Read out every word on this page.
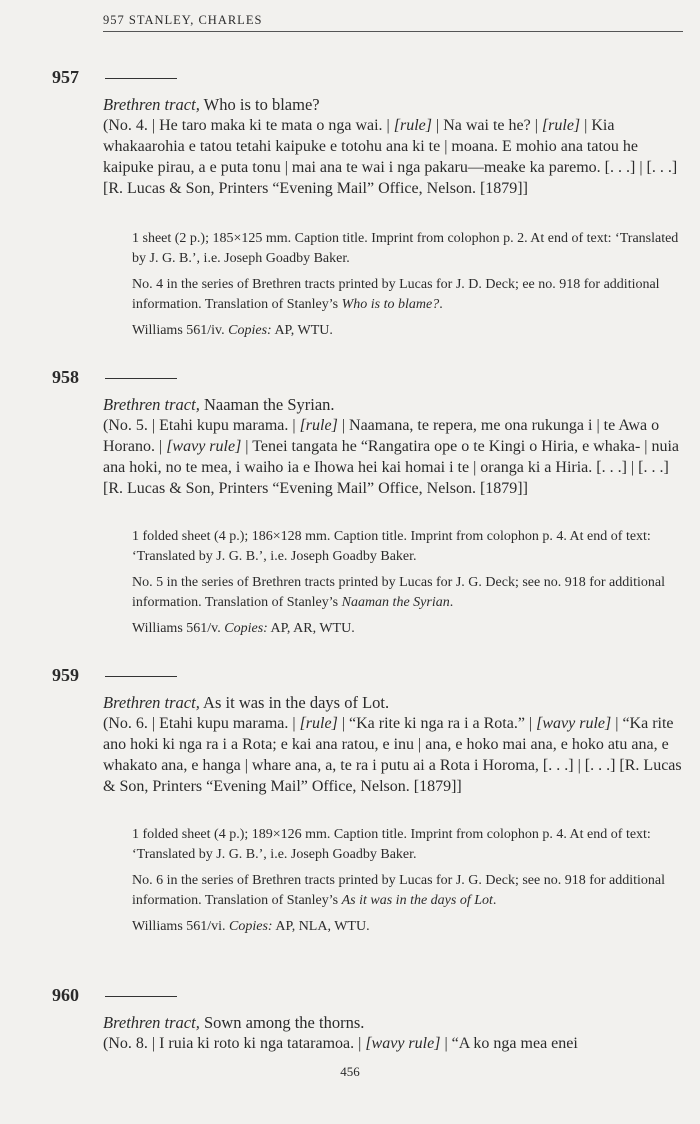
957 STANLEY, CHARLES
957
Brethren tract, Who is to blame?
(No. 4. | He taro maka ki te mata o nga wai. | [rule] | Na wai te he? | [rule] | Kia whakaarohia e tatou tetahi kaipuke e totohu ana ki te | moana. E mohio ana tatou he kaipuke pirau, a e puta tonu | mai ana te wai i nga pakaru—meake ka paremo. [. . .] | [. . .] [R. Lucas & Son, Printers “Evening Mail” Office, Nelson. [1879]]

1 sheet (2 p.); 185×125 mm. Caption title. Imprint from colophon p. 2. At end of text: ‘Translated by J. G. B.’, i.e. Joseph Goadby Baker.

No. 4 in the series of Brethren tracts printed by Lucas for J. D. Deck; ee no. 918 for additional information. Translation of Stanley’s Who is to blame?.

Williams 561/iv. Copies: AP, WTU.

958
Brethren tract, Naaman the Syrian.
(No. 5. | Etahi kupu marama. | [rule] | Naamana, te repera, me ona rukunga i | te Awa o Horano. | [wavy rule] | Tenei tangata he “Rangatira ope o te Kingi o Hiria, e whaka- | nuia ana hoki, no te mea, i waiho ia e Ihowa hei kai homai i te | oranga ki a Hiria. [. . .] | [. . .] [R. Lucas & Son, Printers “Evening Mail” Office, Nelson. [1879]]

1 folded sheet (4 p.); 186×128 mm. Caption title. Imprint from colophon p. 4. At end of text: ‘Translated by J. G. B.’, i.e. Joseph Goadby Baker.

No. 5 in the series of Brethren tracts printed by Lucas for J. G. Deck; see no. 918 for additional information. Translation of Stanley’s Naaman the Syrian.

Williams 561/v. Copies: AP, AR, WTU.

959
Brethren tract, As it was in the days of Lot.
(No. 6. | Etahi kupu marama. | [rule] | “Ka rite ki nga ra i a Rota.” | [wavy rule] | “Ka rite ano hoki ki nga ra i a Rota; e kai ana ratou, e inu | ana, e hoko mai ana, e hoko atu ana, e whakato ana, e hanga | whare ana, a, te ra i putu ai a Rota i Horoma, [. . .] | [. . .] [R. Lucas & Son, Printers “Evening Mail” Office, Nelson. [1879]]

1 folded sheet (4 p.); 189×126 mm. Caption title. Imprint from colophon p. 4. At end of text: ‘Translated by J. G. B.’, i.e. Joseph Goadby Baker.

No. 6 in the series of Brethren tracts printed by Lucas for J. G. Deck; see no. 918 for additional information. Translation of Stanley’s As it was in the days of Lot.

Williams 561/vi. Copies: AP, NLA, WTU.

960
Brethren tract, Sown among the thorns.
(No. 8. | I ruia ki roto ki nga tataramoa. | [wavy rule] | “A ko nga mea enei
456
